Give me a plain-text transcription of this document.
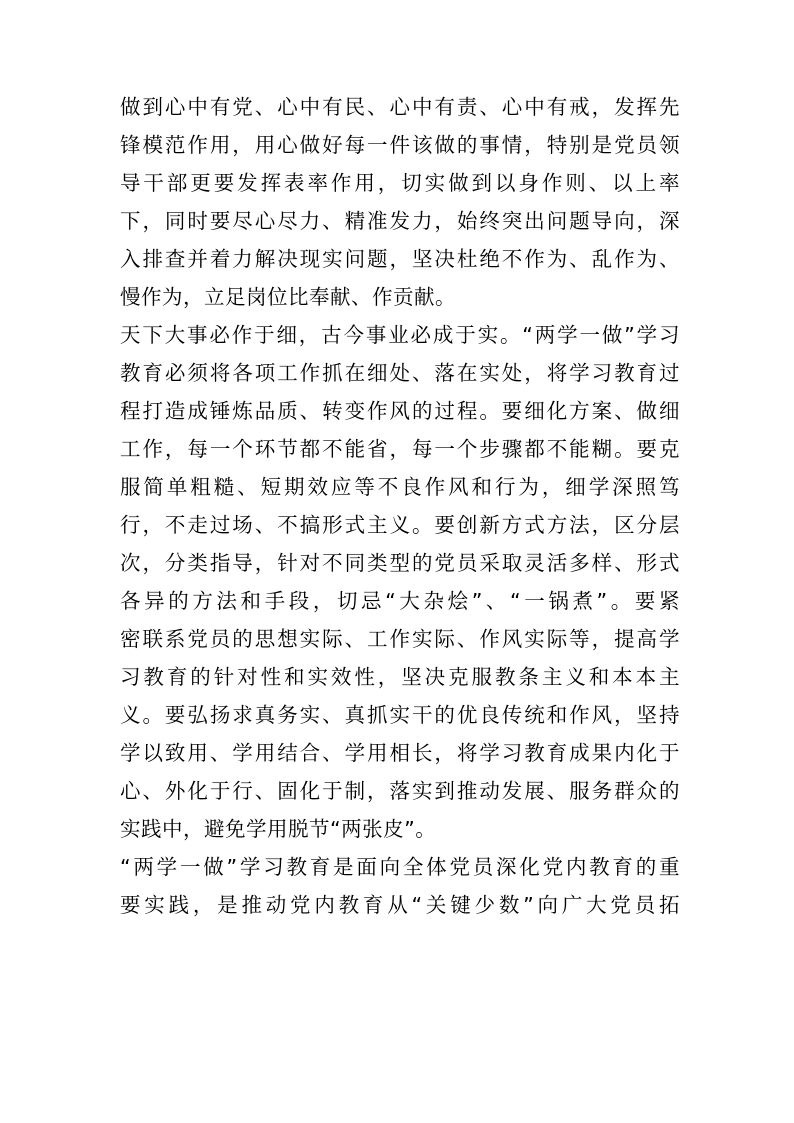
做到心中有党、心中有民、心中有责、心中有戒，发挥先
锋模范作用，用心做好每一件该做的事情，特别是党员领
导干部更要发挥表率作用，切实做到以身作则、以上率
下，同时要尽心尽力、精准发力，始终突出问题导向，深
入排查并着力解决现实问题，坚决杜绝不作为、乱作为、
慢作为，立足岗位比奉献、作贡献。
天下大事必作于细，古今事业必成于实。“两学一做”学习
教育必须将各项工作抓在细处、落在实处，将学习教育过
程打造成锤炼品质、转变作风的过程。要细化方案、做细
工作，每一个环节都不能省，每一个步骤都不能糊。要克
服简单粗糙、短期效应等不良作风和行为，细学深照笃
行，不走过场、不搞形式主义。要创新方式方法，区分层
次，分类指导，针对不同类型的党员采取灵活多样、形式
各异的方法和手段，切忌“大杂烩”、“一锅煮”。要紧
密联系党员的思想实际、工作实际、作风实际等，提高学
习教育的针对性和实效性，坚决克服教条主义和本本主
义。要弘扬求真务实、真抓实干的优良传统和作风，坚持
学以致用、学用结合、学用相长，将学习教育成果内化于
心、外化于行、固化于制，落实到推动发展、服务群众的
实践中，避免学用脱节“两张皮”。
“两学一做”学习教育是面向全体党员深化党内教育的重
要实践，是推动党内教育从“关键少数”向广大党员拓
